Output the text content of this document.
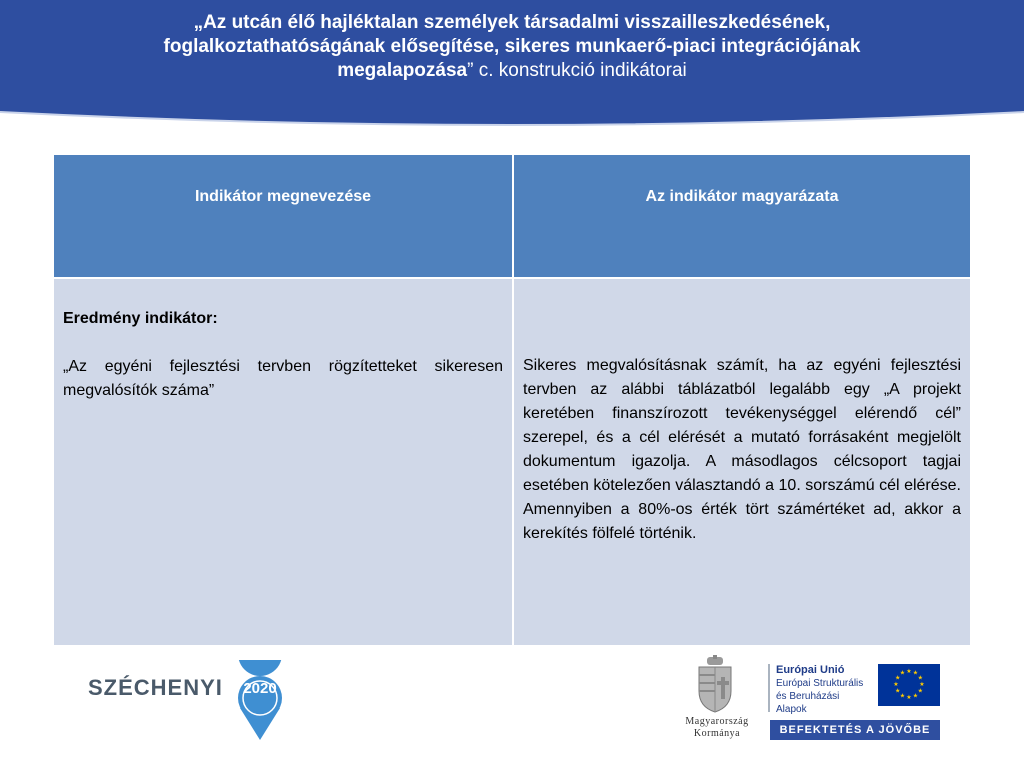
„Az utcán élő hajléktalan személyek társadalmi visszailleszkedésének, foglalkoztathatóságának elősegítése, sikeres munkaerő-piaci integrációjának megalapozása” c. konstrukció indikátorai
Indikátor megnevezése	Az indikátor magyarázata

Eredmény indikátor:
„Az egyéni fejlesztési tervben rögzítetteket sikeresen megvalósítók száma”	Sikeres megvalósításnak számít, ha az egyéni fejlesztési tervben az alábbi táblázatból legalább egy „A projekt keretében finanszírozott tevékenységgel elérendő cél” szerepel, és a cél elérését a mutató forrásaként megjelölt dokumentum igazolja. A másodlagos célcsoport tagjai esetében kötelezően választandó a 10. sorszámú cél elérése. Amennyiben a 80%-os érték tört számértéket ad, akkor a kerekítés fölfelé történik.
SZÉCHENYI	2020
Magyarország
Kormánya
Európai Unió
Európai Strukturális
és Beruházási Alapok
★ ★
★
★
★
★
★
★
★
★
★
★
BEFEKTETÉS A JÖVŐBE
